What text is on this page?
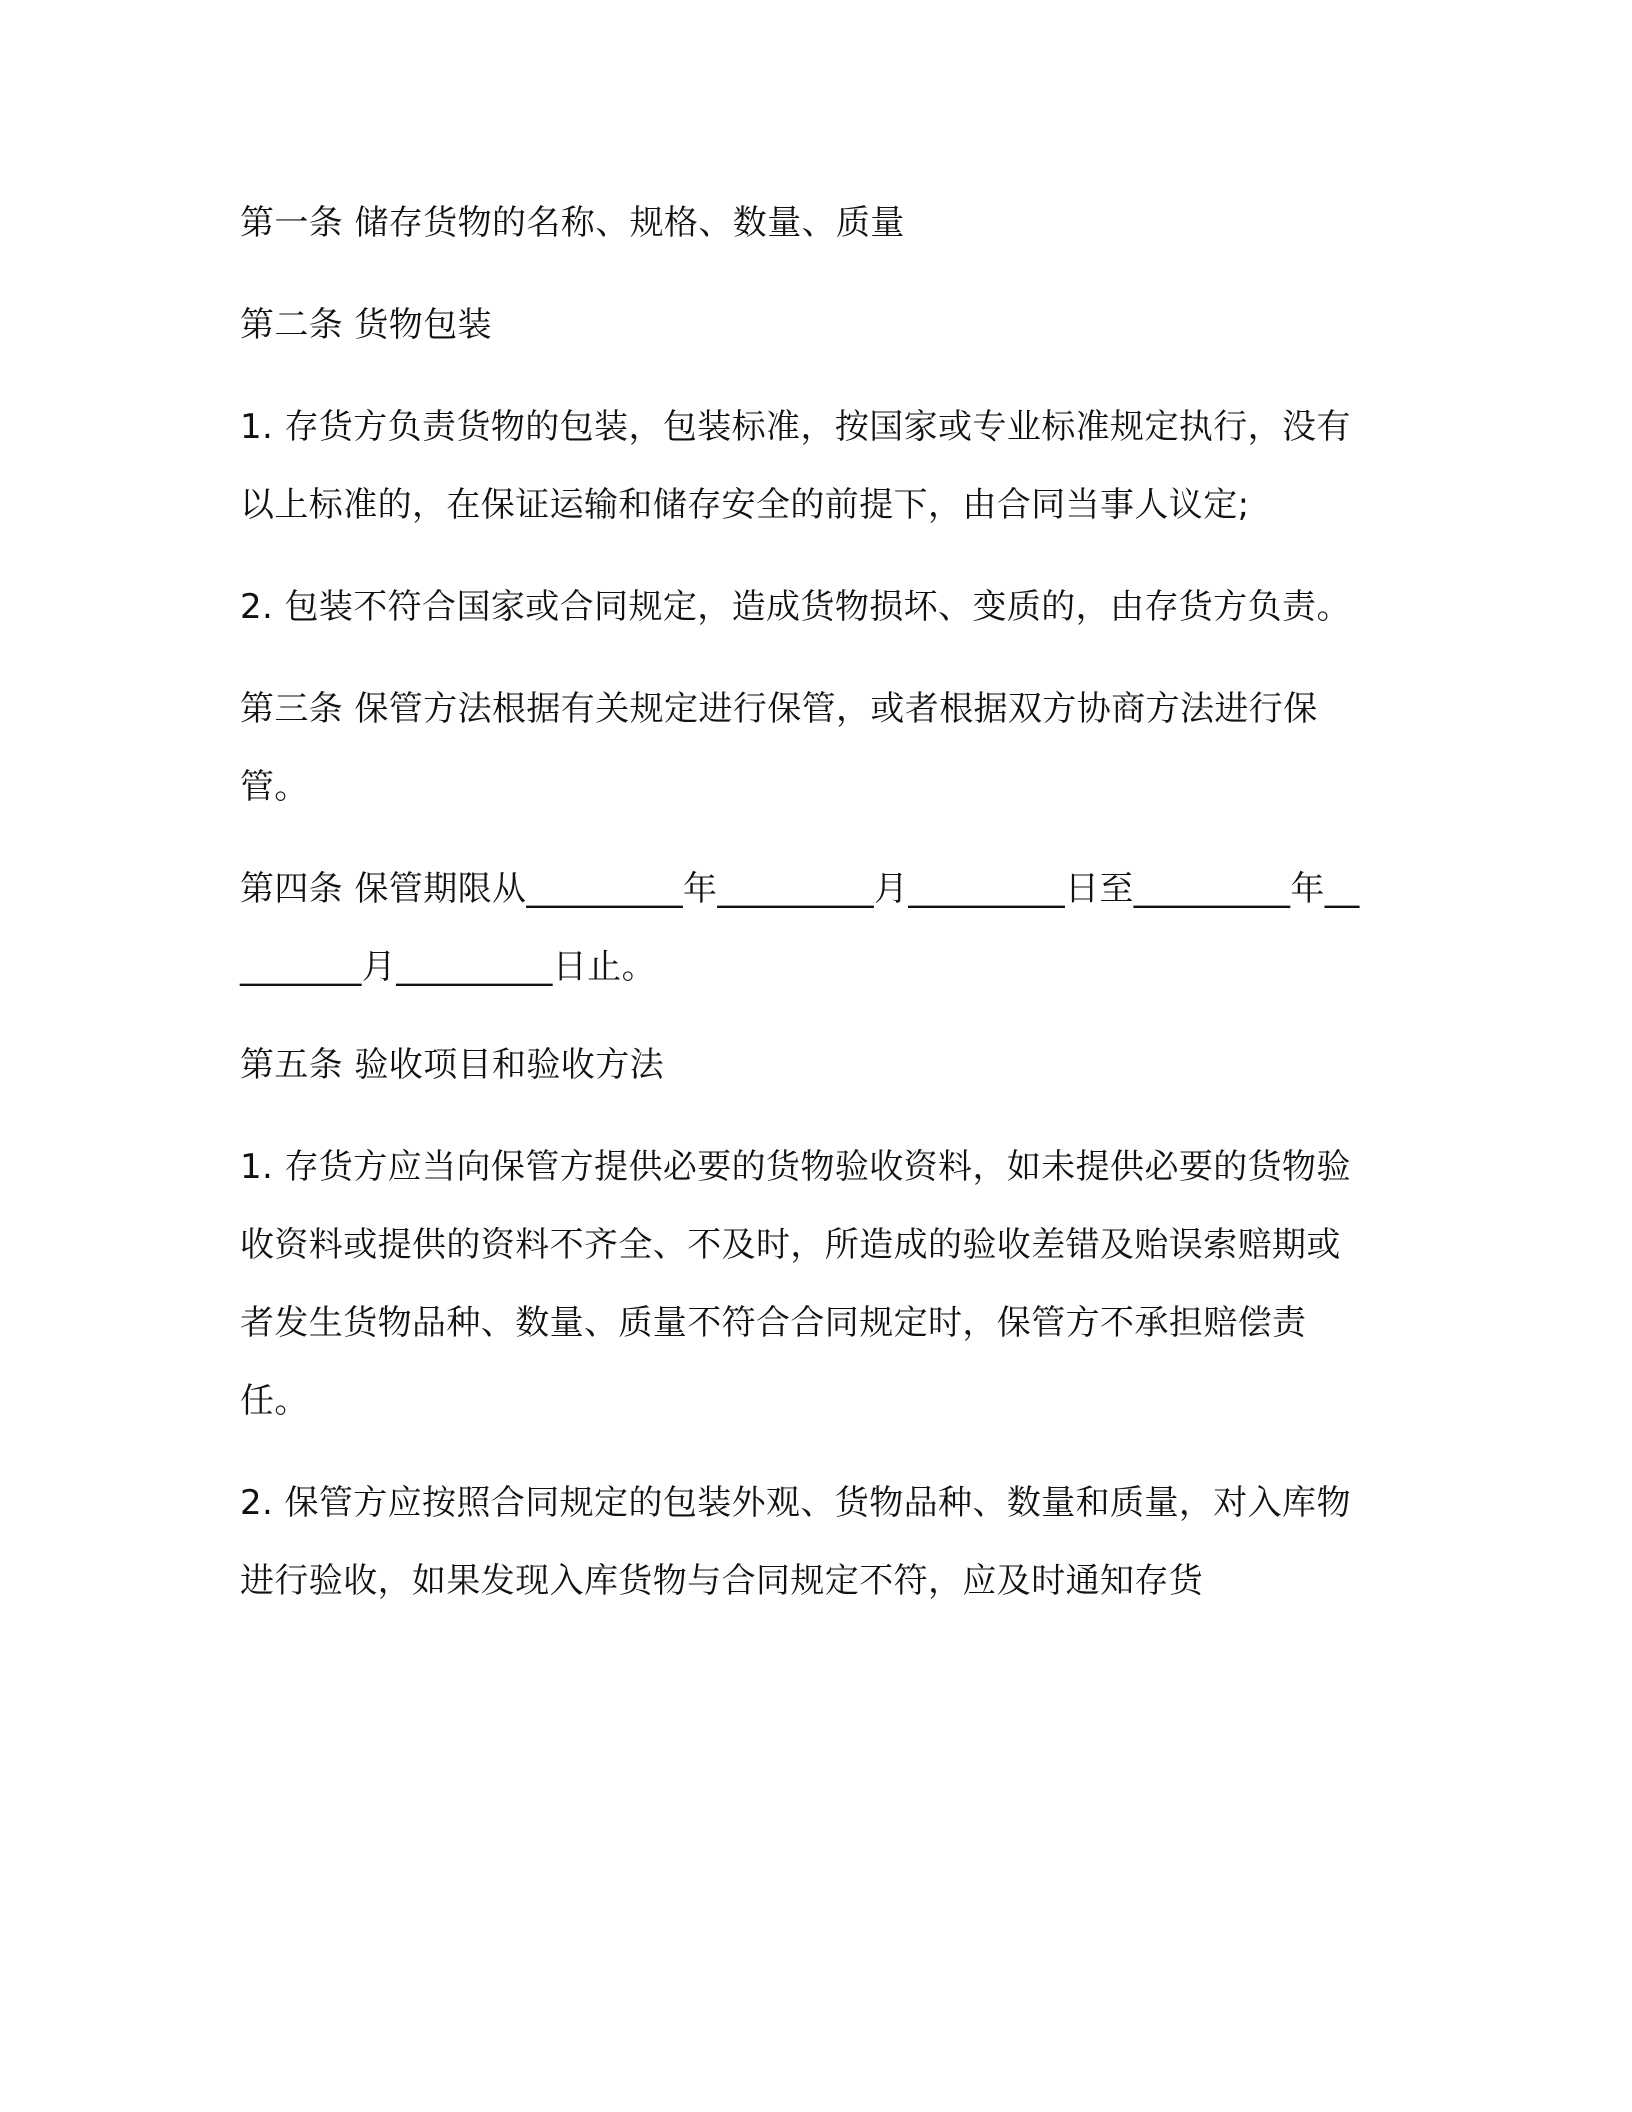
第一条 储存货物的名称、规格、数量、质量

第二条 货物包装

1. 存货方负责货物的包装，包装标准，按国家或专业标准规定执行，没有以上标准的，在保证运输和储存安全的前提下，由合同当事人议定;

2. 包装不符合国家或合同规定，造成货物损坏、变质的，由存货方负责。

第三条 保管方法根据有关规定进行保管，或者根据双方协商方法进行保管。

第四条 保管期限从_________年_________月_________日至_________年_________月_________日止。

第五条 验收项目和验收方法

1. 存货方应当向保管方提供必要的货物验收资料，如未提供必要的货物验收资料或提供的资料不齐全、不及时，所造成的验收差错及贻误索赔期或者发生货物品种、数量、质量不符合合同规定时，保管方不承担赔偿责任。

2. 保管方应按照合同规定的包装外观、货物品种、数量和质量，对入库物进行验收，如果发现入库货物与合同规定不符，应及时通知存货
